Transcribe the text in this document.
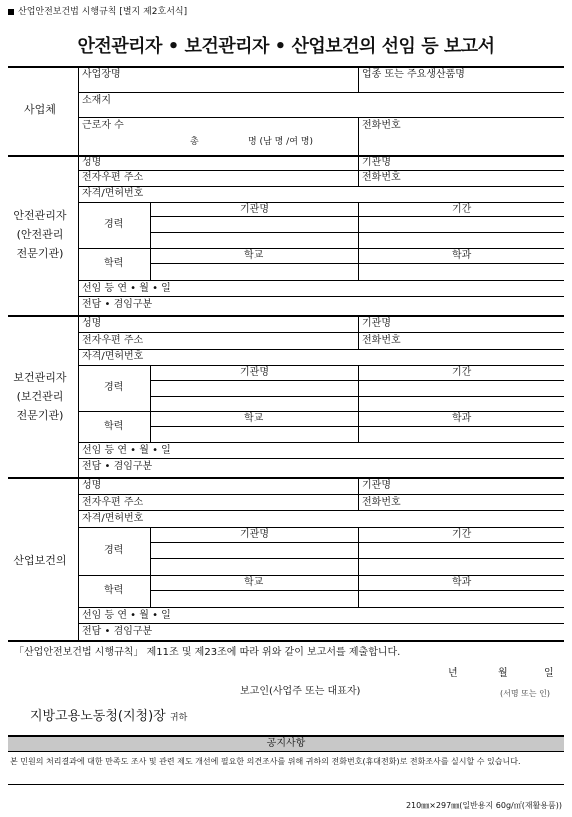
산업안전보건법 시행규칙 [별지 제2호서식]
안전관리자 • 보건관리자 • 산업보건의 선임 등 보고서
사업체
사업장명	업종 또는 주요생산품명
소재지
근로자 수	전화번호
총	명 (남 명 /여 명)
안전관리자
(안전관리
전문기관)
성명	기관명
전자우편 주소	전화번호
자격/면허번호
경력
기관명	기간
학력
학교	학과
선임 등 연 • 월 • 일
전담 • 겸임구분
보건관리자
(보건관리
전문기관)
성명	기관명
전자우편 주소	전화번호
자격/면허번호
경력
기관명	기간
학력
학교	학과
선임 등 연 • 월 • 일
전담 • 겸임구분
산업보건의
성명	기관명
전자우편 주소	전화번호
자격/면허번호
경력
기관명	기간
학력
학교	학과
선임 등 연 • 월 • 일
전담 • 겸임구분
「산업안전보건법 시행규칙」 제11조 및 제23조에 따라 위와 같이 보고서를 제출합니다.
년	월	일
보고인(사업주 또는 대표자)	(서명 또는 인)
지방고용노동청(지청)장 귀하
공지사항
본 민원의 처리결과에 대한 만족도 조사 및 관련 제도 개선에 필요한 의견조사를 위해 귀하의 전화번호(휴대전화)로 전화조사를 실시할 수 있습니다.
210㎜×297㎜(일반용지 60g/㎡(재활용품))
